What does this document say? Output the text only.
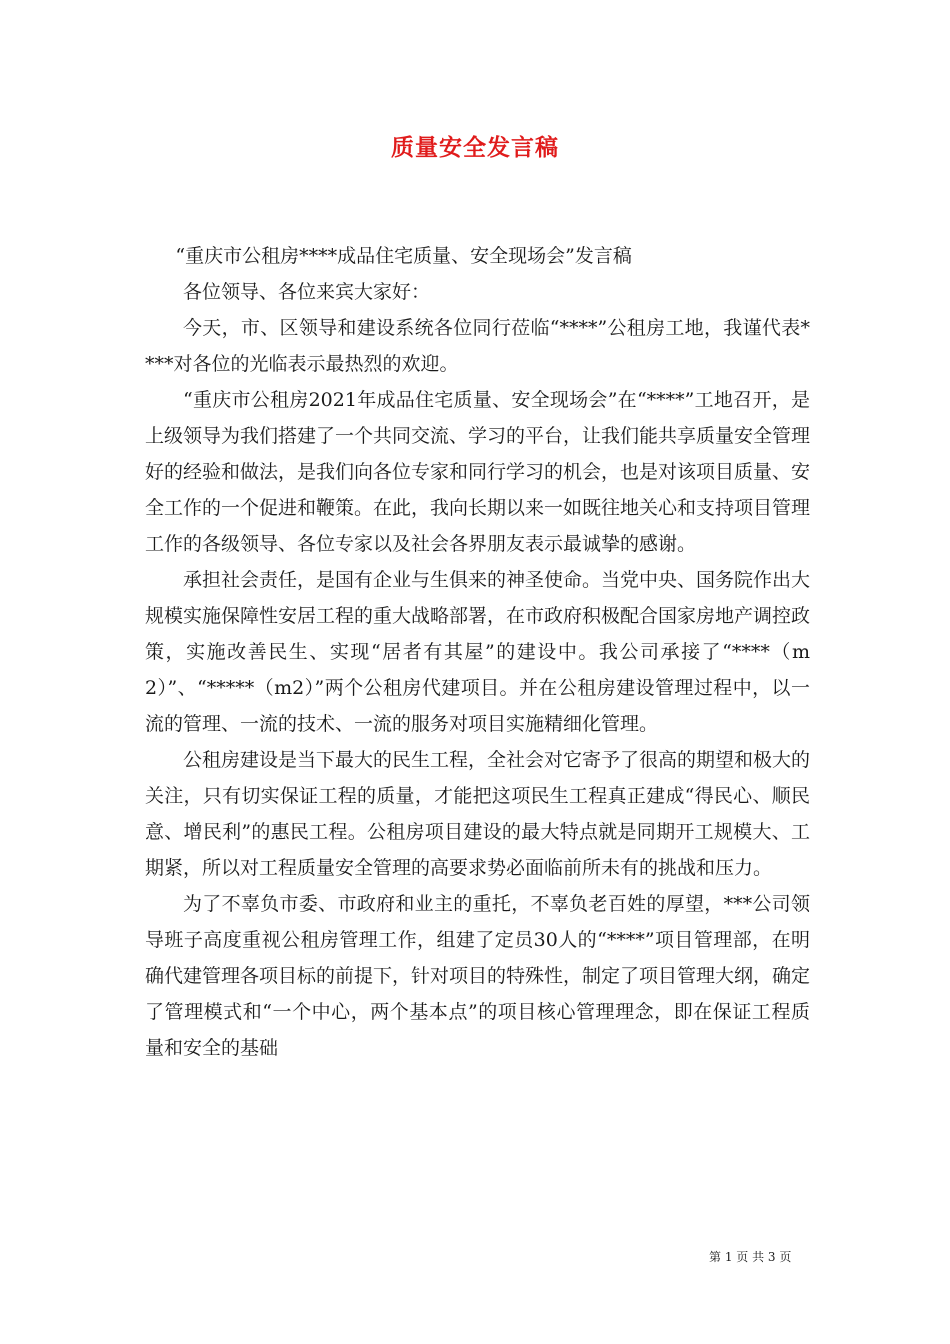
质量安全发言稿

“重庆市公租房****成品住宅质量、安全现场会”发言稿

各位领导、各位来宾大家好：

今天，市、区领导和建设系统各位同行莅临“****”公租房工地，我谨代表****对各位的光临表示最热烈的欢迎。

“重庆市公租房2021年成品住宅质量、安全现场会”在“****”工地召开，是上级领导为我们搭建了一个共同交流、学习的平台，让我们能共享质量安全管理好的经验和做法，是我们向各位专家和同行学习的机会，也是对该项目质量、安全工作的一个促进和鞭策。在此，我向长期以来一如既往地关心和支持项目管理工作的各级领导、各位专家以及社会各界朋友表示最诚挚的感谢。

承担社会责任，是国有企业与生俱来的神圣使命。当党中央、国务院作出大规模实施保障性安居工程的重大战略部署，在市政府积极配合国家房地产调控政策，实施改善民生、实现“居者有其屋”的建设中。我公司承接了“****（m2）”、“*****（m2）”两个公租房代建项目。并在公租房建设管理过程中，以一流的管理、一流的技术、一流的服务对项目实施精细化管理。

公租房建设是当下最大的民生工程，全社会对它寄予了很高的期望和极大的关注，只有切实保证工程的质量，才能把这项民生工程真正建成“得民心、顺民意、增民利”的惠民工程。公租房项目建设的最大特点就是同期开工规模大、工期紧，所以对工程质量安全管理的高要求势必面临前所未有的挑战和压力。

为了不辜负市委、市政府和业主的重托，不辜负老百姓的厚望，***公司领导班子高度重视公租房管理工作，组建了定员30人的“****”项目管理部，在明确代建管理各项目标的前提下，针对项目的特殊性，制定了项目管理大纲，确定了管理模式和“一个中心，两个基本点”的项目核心管理理念，即在保证工程质量和安全的基础

第 1 页 共 3 页
